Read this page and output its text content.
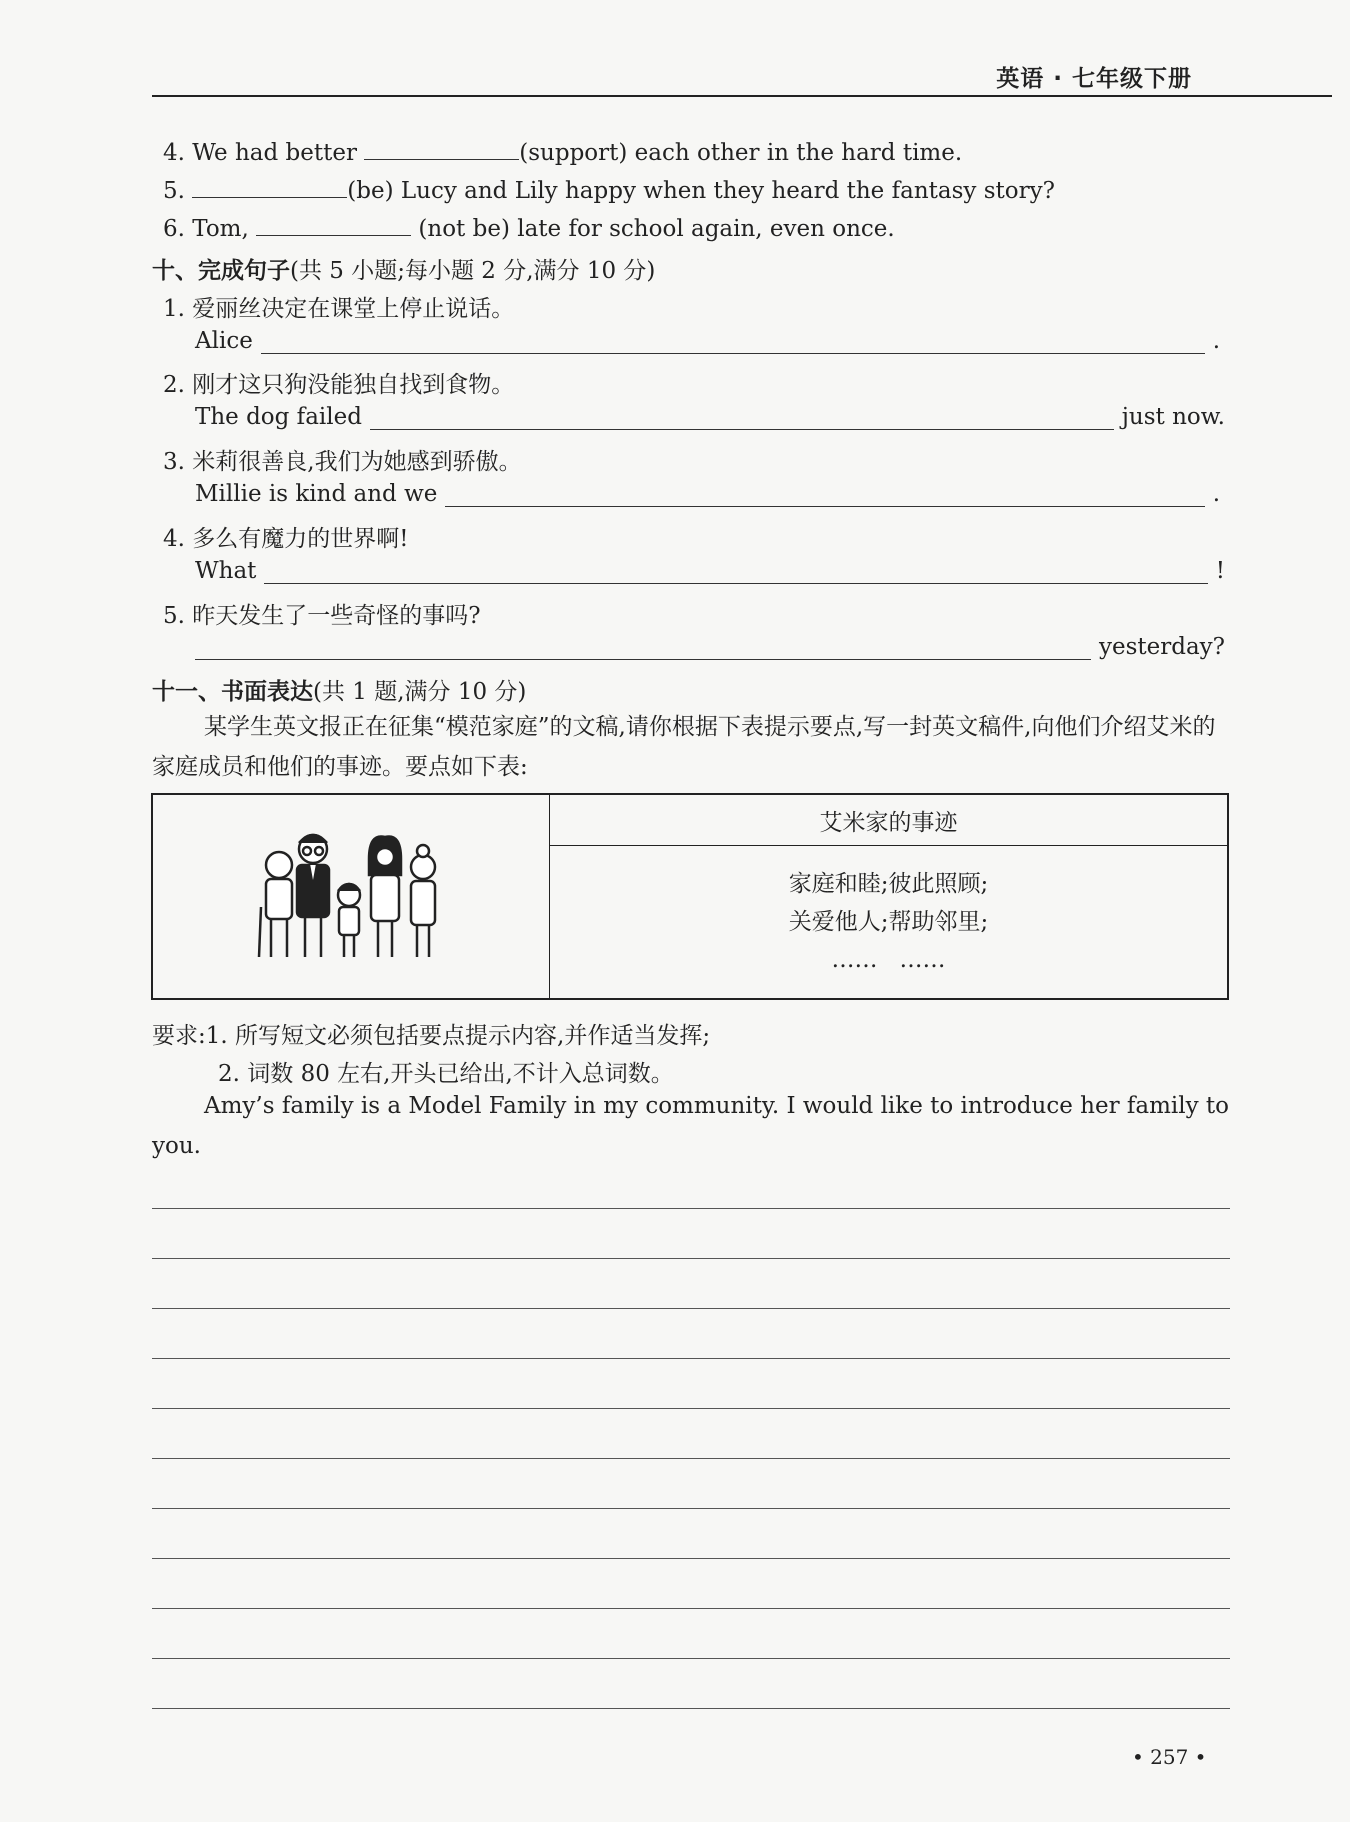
英语 · 七年级下册
4. We had better	(support) each other in the hard time.
5.	(be) Lucy and Lily happy when they heard the fantasy story?
6. Tom,	(not be) late for school again, even once.
十、完成句子(共 5 小题;每小题 2 分,满分 10 分)
1. 爱丽丝决定在课堂上停止说话。
Alice	.
2. 刚才这只狗没能独自找到食物。
The dog failed	just now.
3. 米莉很善良,我们为她感到骄傲。
Millie is kind and we	.
4. 多么有魔力的世界啊!
What	!
5. 昨天发生了一些奇怪的事吗?
yesterday?
十一、书面表达(共 1 题,满分 10 分)
某学生英文报正在征集“模范家庭”的文稿,请你根据下表提示要点,写一封英文稿件,向他们介绍艾米的家庭成员和他们的事迹。要点如下表:
艾米家的事迹
家庭和睦;彼此照顾;
关爱他人;帮助邻里;
……   ……
要求:1. 所写短文必须包括要点提示内容,并作适当发挥;
2. 词数 80 左右,开头已给出,不计入总词数。
Amy’s family is a Model Family in my community. I would like to introduce her family to you.
• 257 •
